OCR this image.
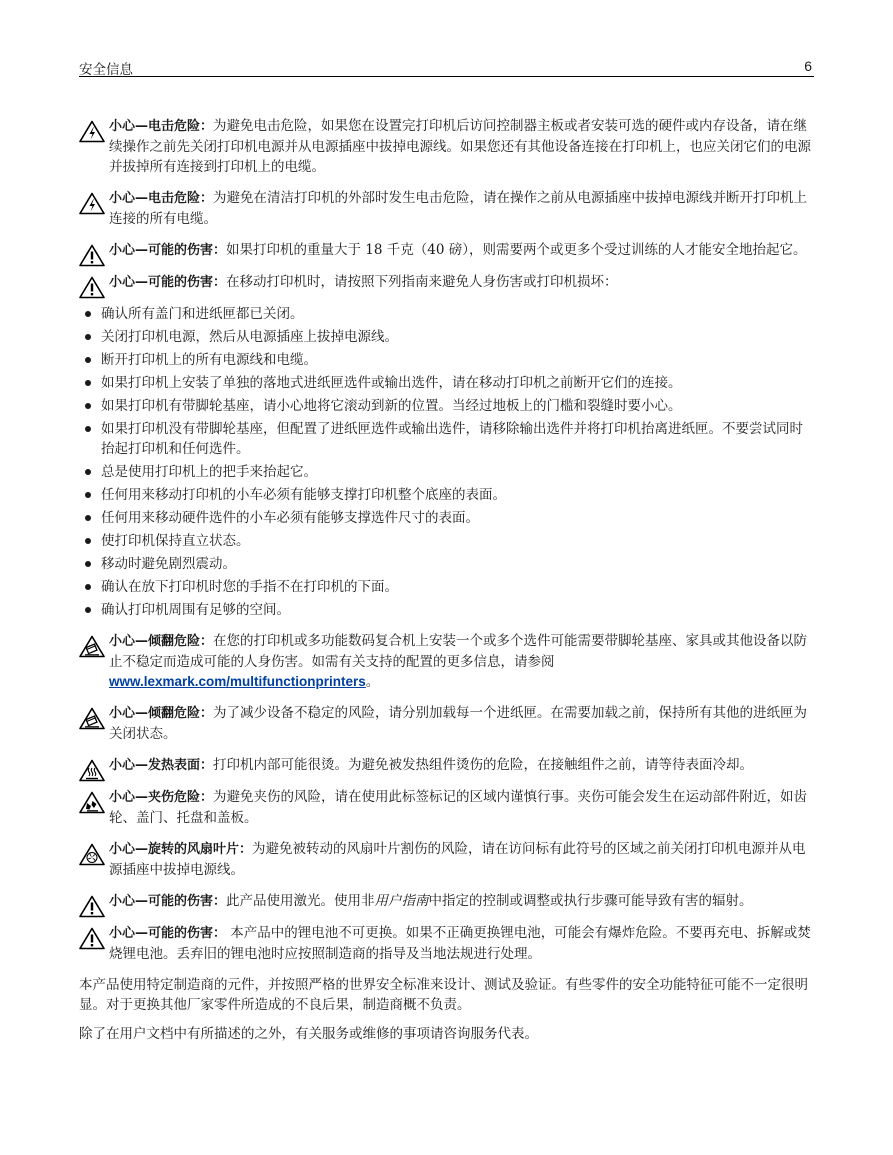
安全信息	6
小心—电击危险：为避免电击危险，如果您在设置完打印机后访问控制器主板或者安装可选的硬件或内存设备，请在继续操作之前先关闭打印机电源并从电源插座中拔掉电源线。如果您还有其他设备连接在打印机上，也应关闭它们的电源并拔掉所有连接到打印机上的电缆。
小心—电击危险：为避免在清洁打印机的外部时发生电击危险，请在操作之前从电源插座中拔掉电源线并断开打印机上连接的所有电缆。
小心—可能的伤害：如果打印机的重量大于 18 千克（40 磅），则需要两个或更多个受过训练的人才能安全地抬起它。
小心—可能的伤害：在移动打印机时，请按照下列指南来避免人身伤害或打印机损坏：
确认所有盖门和进纸匣都已关闭。
关闭打印机电源，然后从电源插座上拔掉电源线。
断开打印机上的所有电源线和电缆。
如果打印机上安装了单独的落地式进纸匣选件或输出选件，请在移动打印机之前断开它们的连接。
如果打印机有带脚轮基座，请小心地将它滚动到新的位置。当经过地板上的门槛和裂缝时要小心。
如果打印机没有带脚轮基座，但配置了进纸匣选件或输出选件，请移除输出选件并将打印机抬离进纸匣。不要尝试同时抬起打印机和任何选件。
总是使用打印机上的把手来抬起它。
任何用来移动打印机的小车必须有能够支撑打印机整个底座的表面。
任何用来移动硬件选件的小车必须有能够支撑选件尺寸的表面。
使打印机保持直立状态。
移动时避免剧烈震动。
确认在放下打印机时您的手指不在打印机的下面。
确认打印机周围有足够的空间。
小心—倾翻危险：在您的打印机或多功能数码复合机上安装一个或多个选件可能需要带脚轮基座、家具或其他设备以防止不稳定而造成可能的人身伤害。如需有关支持的配置的更多信息，请参阅
www.lexmark.com/multifunctionprinters。
小心—倾翻危险：为了减少设备不稳定的风险，请分别加载每一个进纸匣。在需要加载之前，保持所有其他的进纸匣为关闭状态。
小心—发热表面：打印机内部可能很烫。为避免被发热组件烫伤的危险，在接触组件之前，请等待表面冷却。
小心—夹伤危险：为避免夹伤的风险，请在使用此标签标记的区域内谨慎行事。夹伤可能会发生在运动部件附近，如齿轮、盖门、托盘和盖板。
小心—旋转的风扇叶片：为避免被转动的风扇叶片割伤的风险，请在访问标有此符号的区域之前关闭打印机电源并从电源插座中拔掉电源线。
小心—可能的伤害：此产品使用激光。使用非用户指南中指定的控制或调整或执行步骤可能导致有害的辐射。
小心—可能的伤害： 本产品中的锂电池不可更换。如果不正确更换锂电池，可能会有爆炸危险。不要再充电、拆解或焚烧锂电池。丢弃旧的锂电池时应按照制造商的指导及当地法规进行处理。

本产品使用特定制造商的元件，并按照严格的世界安全标准来设计、测试及验证。有些零件的安全功能特征可能不一定很明显。对于更换其他厂家零件所造成的不良后果，制造商概不负责。

除了在用户文档中有所描述的之外，有关服务或维修的事项请咨询服务代表。
